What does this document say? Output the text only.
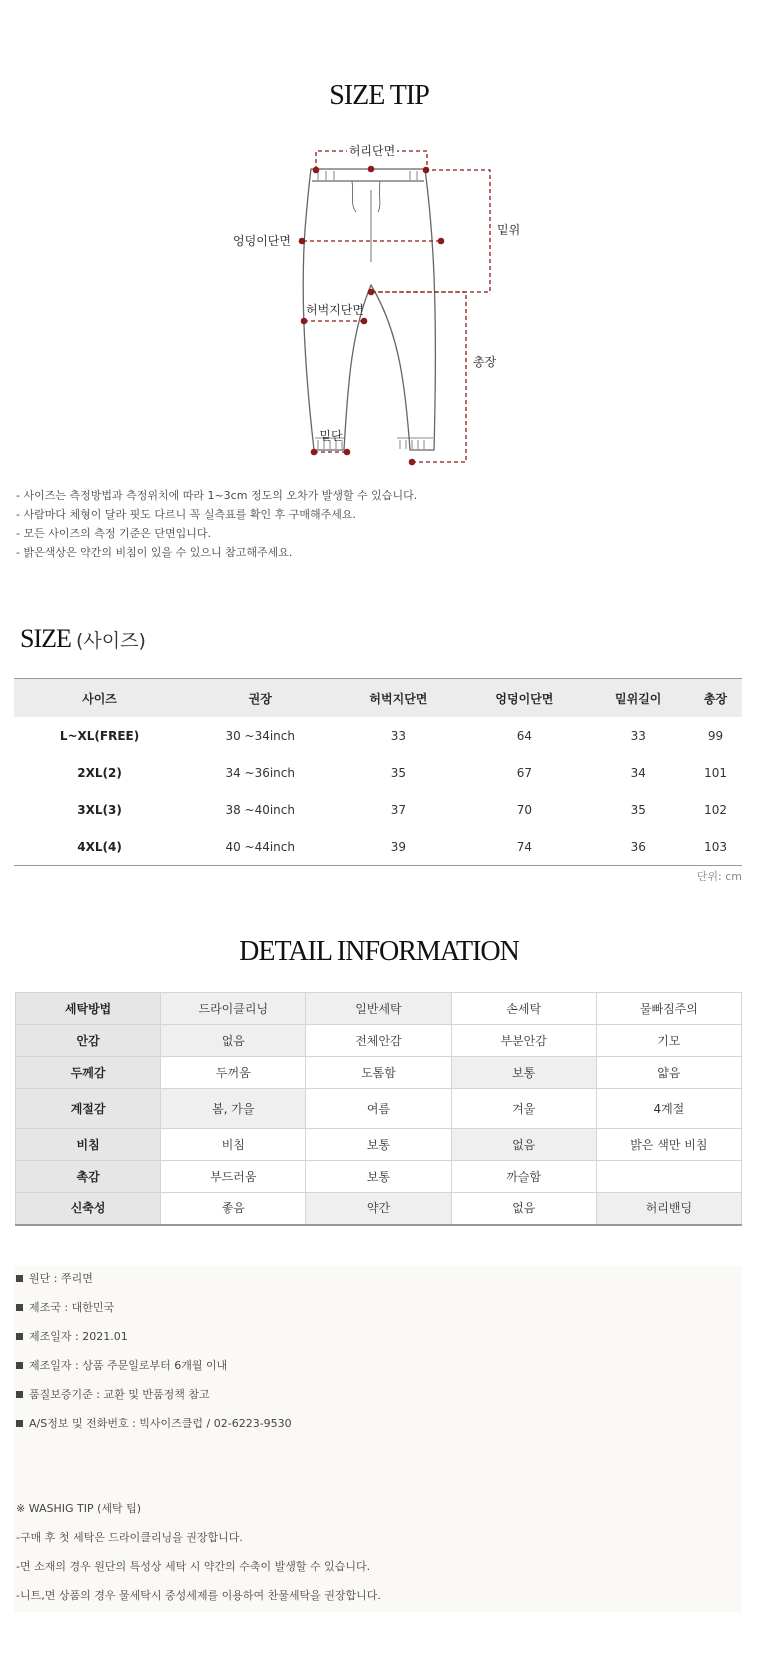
SIZE TIP
허리단면
밑위
엉덩이단면
허벅지단면
총장
밑단
- 사이즈는 측정방법과 측정위치에 따라 1~3cm 정도의 오차가 발생할 수 있습니다.
- 사람마다 체형이 달라 핏도 다르니 꼭 실측표를 확인 후 구매해주세요.
- 모든 사이즈의 측정 기준은 단면입니다.
- 밝은색상은 약간의 비침이 있을 수 있으니 참고해주세요.
SIZE (사이즈)
사이즈	권장	허벅지단면	엉덩이단면	밑위길이	총장
L~XL(FREE)	30 ~34inch	33	64	33	99
2XL(2)	34 ~36inch	35	67	34	101
3XL(3)	38 ~40inch	37	70	35	102
4XL(4)	40 ~44inch	39	74	36	103
단위: cm
DETAIL INFORMATION
세탁방법	드라이클리닝	일반세탁	손세탁	물빠짐주의
안감	없음	전체안감	부분안감	기모
두께감	두꺼움	도톰함	보통	얇음
계절감	봄, 가을	여름	겨울	4계절
비침	비침	보통	없음	밝은 색만 비침
촉감	부드러움	보통	까슬함	
신축성	좋음	약간	없음	허리밴딩
원단 : 쭈리면
제조국 : 대한민국
제조일자 : 2021.01
제조일자 : 상품 주문일로부터 6개월 이내
품질보증기준 : 교환 및 반품정책 참고
A/S정보 및 전화번호 : 빅사이즈클럽 / 02-6223-9530
※ WASHIG TIP (세탁 팁)
-구매 후 첫 세탁은 드라이클리닝을 권장합니다.
-면 소재의 경우 원단의 특성상 세탁 시 약간의 수축이 발생할 수 있습니다.
-니트,면 상품의 경우 물세탁시 중성세제를 이용하여 찬물세탁을 권장합니다.
